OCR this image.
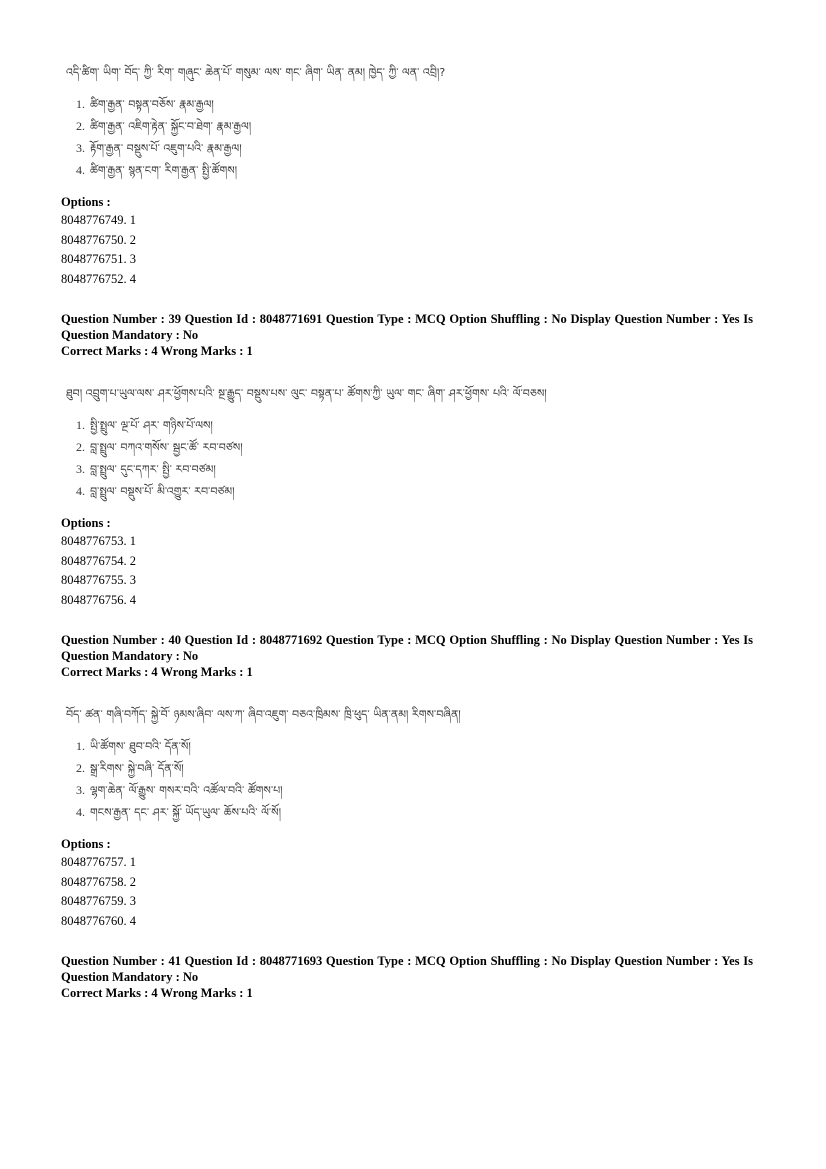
འདི་ཚིག་ ཡིག་ བོད་ ཀྱི་ རིག་ གཞུང་ ཆེན་པོ་ གསུམ་ ལས་ གང་ ཞིག་ ཡིན་ ནམ། ཁྱེད་ ཀྱི་ ལན་ འབྲི།?
1. ཚིག་རྒྱན་ བསྟན་བཅོས་ རྣམ་རྒྱལ།
2. ཚིག་རྒྱན་ འཇིག་རྟེན་ སྐྱོང་བ་ཐེག་ རྣམ་རྒྱལ།
3. རྟོག་རྒྱན་ བསྡུས་པོ་ འཇུག་པའི་ རྣམ་རྒྱལ།
4. ཚིག་རྒྱན་ སྙན་ངག་ རིག་རྒྱན་ སྤྱི་ཚོགས།
Options :
8048776749. 1
8048776750. 2
8048776751. 3
8048776752. 4
Question Number : 39 Question Id : 8048771691 Question Type : MCQ Option Shuffling : No Display Question Number : Yes Is Question Mandatory : No
Correct Marks : 4 Wrong Marks : 1
ཐུབ། འབྲུག་པ་ཡུལ་ལས་ ཤར་ཕྱོགས་པའི་ སྔ་རྒྱུད་ བསྡུས་པས་ ལུང་ བསྟན་པ་ ཚོགས་ཀྱི་ ཡུལ་ གང་ ཞིག་ ཤར་ཕྱོགས་ པའི་ ལོ་བཅས།
1. སྤྱི་སྤྲུལ་ ལྔ་པོ་ ཤར་ གཉིས་པོ་ལས།
2. བླ་སྤྲུལ་ བཀའ་གསོས་ སྦྱང་ཚོ་ རབ་བཙས།
3. བླ་སྤྲུལ་ དུང་དཀར་ སྤྱི་ རབ་བཙམ།
4. བླ་སྤྲུལ་ བསྡུས་པོ་ མི་འགྱུར་ རབ་བཙམ།
Options :
8048776753. 1
8048776754. 2
8048776755. 3
8048776756. 4
Question Number : 40 Question Id : 8048771692 Question Type : MCQ Option Shuffling : No Display Question Number : Yes Is Question Mandatory : No
Correct Marks : 4 Wrong Marks : 1
བོད་ ཚན་ གཞི་བཀོད་ སྐྱེ་བོ་ ཉམས་ཞིབ་ ལས་ཀ་ ཞིབ་འཇུག་ བཅའ་ཁྲིམས་ ཁྲི་ཕུད་ ཡིན་ནམ། རིགས་བཞིན།
1. ཡི་ཚོགས་ ཐུབ་བའི་ དོན་སོ།
2. སྒྲ་རིགས་ སྐྱེ་བཞི་ དོན་སོ།
3. ལྷག་ཆེན་ ལོ་རྒྱུས་ གསར་བའི་ འཚོལ་བའི་ ཚོགས་པ།
4. གངས་རྒྱན་ དང་ ཤར་ སྐྱོ་ ཡོད་ཡུལ་ ཆོས་པའི་ ལོ་སོ།
Options :
8048776757. 1
8048776758. 2
8048776759. 3
8048776760. 4
Question Number : 41 Question Id : 8048771693 Question Type : MCQ Option Shuffling : No Display Question Number : Yes Is Question Mandatory : No
Correct Marks : 4 Wrong Marks : 1
